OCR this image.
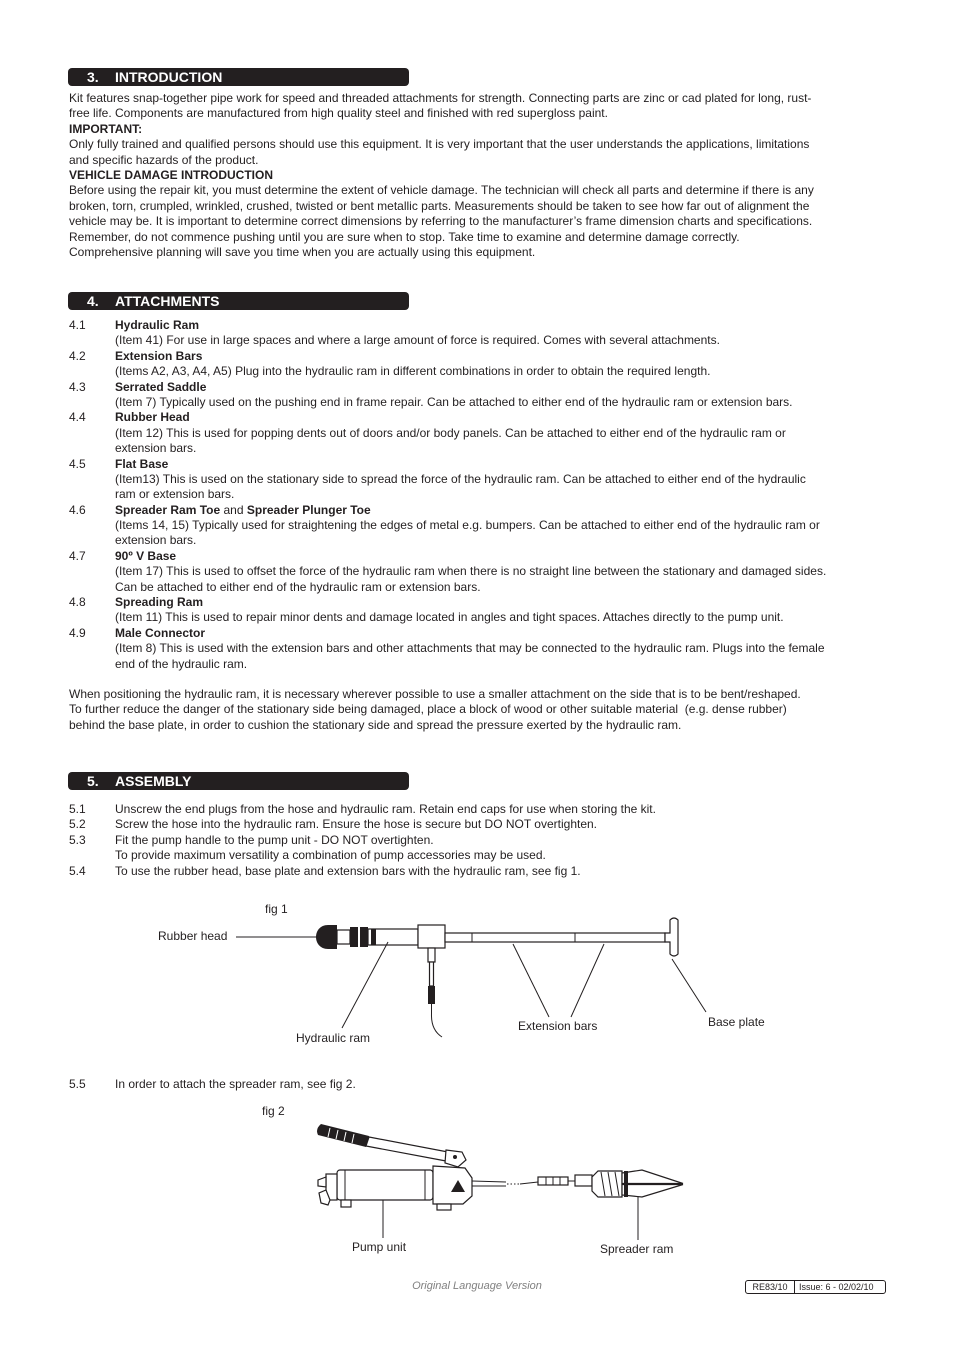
3. INTRODUCTION
Kit features snap-together pipe work for speed and threaded attachments for strength. Connecting parts are zinc or cad plated for long, rust-
free life. Components are manufactured from high quality steel and finished with red supergloss paint.
IMPORTANT:
Only fully trained and qualified persons should use this equipment. It is very important that the user understands the applications, limitations
and specific hazards of the product.
VEHICLE DAMAGE INTRODUCTION
Before using the repair kit, you must determine the extent of vehicle damage. The technician will check all parts and determine if there is any
broken, torn, crumpled, wrinkled, crushed, twisted or bent metallic parts. Measurements should be taken to see how far out of alignment the
vehicle may be. It is important to determine correct dimensions by referring to the manufacturer’s frame dimension charts and specifications.
Remember, do not commence pushing until you are sure when to stop. Take time to examine and determine damage correctly.
Comprehensive planning will save you time when you are actually using this equipment.
4. ATTACHMENTS
4.1 Hydraulic Ram
(Item 41) For use in large spaces and where a large amount of force is required. Comes with several attachments.
4.2 Extension Bars
(Items A2, A3, A4, A5) Plug into the hydraulic ram in different combinations in order to obtain the required length.
4.3 Serrated Saddle
(Item 7) Typically used on the pushing end in frame repair. Can be attached to either end of the hydraulic ram or extension bars.
4.4 Rubber Head
(Item 12) This is used for popping dents out of doors and/or body panels. Can be attached to either end of the hydraulic ram or
extension bars.
4.5 Flat Base
(Item13) This is used on the stationary side to spread the force of the hydraulic ram. Can be attached to either end of the hydraulic
ram or extension bars.
4.6 Spreader Ram Toe and Spreader Plunger Toe
(Items 14, 15) Typically used for straightening the edges of metal e.g. bumpers. Can be attached to either end of the hydraulic ram or
extension bars.
4.7 90º V Base
(Item 17) This is used to offset the force of the hydraulic ram when there is no straight line between the stationary and damaged sides.
Can be attached to either end of the hydraulic ram or extension bars.
4.8 Spreading Ram
(Item 11) This is used to repair minor dents and damage located in angles and tight spaces. Attaches directly to the pump unit.
4.9 Male Connector
(Item 8) This is used with the extension bars and other attachments that may be connected to the hydraulic ram. Plugs into the female
end of the hydraulic ram.
When positioning the hydraulic ram, it is necessary wherever possible to use a smaller attachment on the side that is to be bent/reshaped.
To further reduce the danger of the stationary side being damaged, place a block of wood or other suitable material  (e.g. dense rubber)
behind the base plate, in order to cushion the stationary side and spread the pressure exerted by the hydraulic ram.
5. ASSEMBLY
5.1 Unscrew the end plugs from the hose and hydraulic ram. Retain end caps for use when storing the kit.
5.2 Screw the hose into the hydraulic ram. Ensure the hose is secure but DO NOT overtighten.
5.3 Fit the pump handle to the pump unit - DO NOT overtighten.
To provide maximum versatility a combination of pump accessories may be used.
5.4 To use the rubber head, base plate and extension bars with the hydraulic ram, see fig 1.
fig 1
Rubber head
Hydraulic ram
Extension bars	Base plate
5.5 In order to attach the spreader ram, see fig 2.
fig 2
Pump unit	Spreader ram
Original Language Version	RE83/10	Issue: 6 - 02/02/10
